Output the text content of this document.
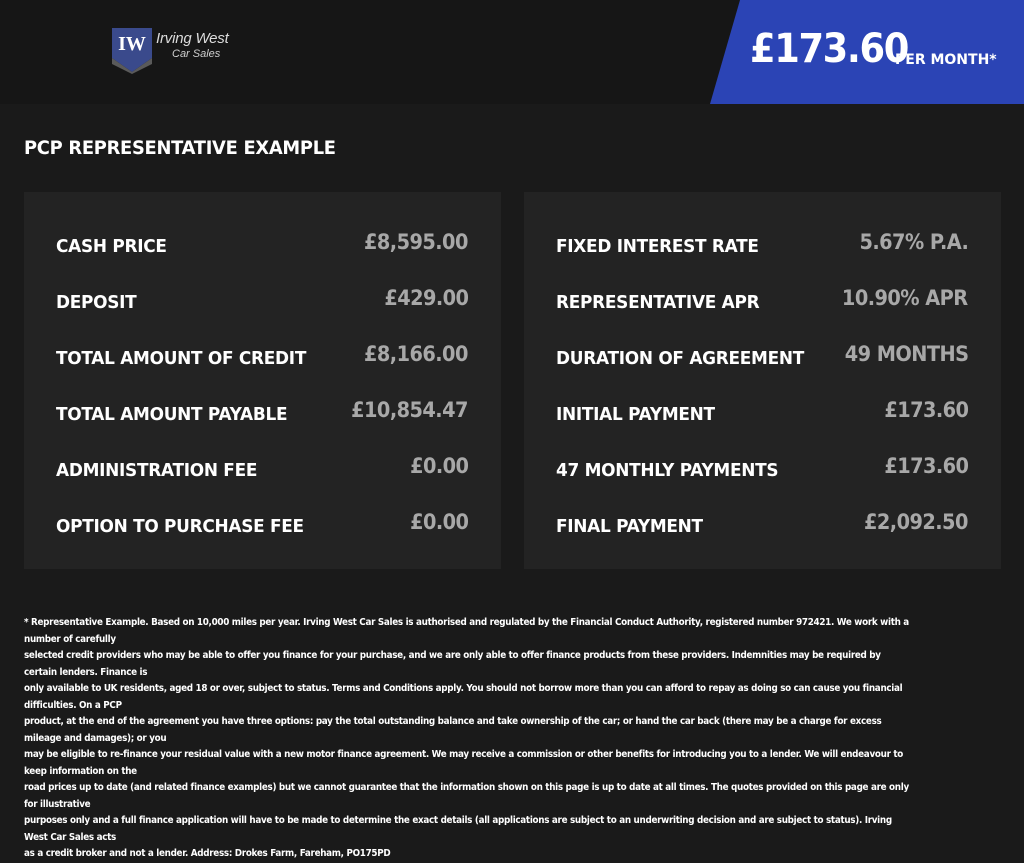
IW Irving West
Car Sales	£173.60
PER MONTH*
PCP REPRESENTATIVE EXAMPLE
CASH PRICE	£8,595.00
DEPOSIT	£429.00
TOTAL AMOUNT OF CREDIT	£8,166.00
TOTAL AMOUNT PAYABLE	£10,854.47
ADMINISTRATION FEE	£0.00
OPTION TO PURCHASE FEE	£0.00
FIXED INTEREST RATE	5.67% P.A.
REPRESENTATIVE APR	10.90% APR
DURATION OF AGREEMENT 49 MONTHS
INITIAL PAYMENT	£173.60
47 MONTHLY PAYMENTS	£173.60
FINAL PAYMENT	£2,092.50
* Representative Example. Based on 10,000 miles per year. Irving West Car Sales is authorised and regulated by the Financial Conduct Authority, registered number 972421. We work with a number of carefully
selected credit providers who may be able to offer you finance for your purchase, and we are only able to offer finance products from these providers. Indemnities may be required by certain lenders. Finance is
only available to UK residents, aged 18 or over, subject to status. Terms and Conditions apply. You should not borrow more than you can afford to repay as doing so can cause you financial difficulties. On a PCP
product, at the end of the agreement you have three options: pay the total outstanding balance and take ownership of the car; or hand the car back (there may be a charge for excess mileage and damages); or you
may be eligible to re-finance your residual value with a new motor finance agreement. We may receive a commission or other benefits for introducing you to a lender. We will endeavour to keep information on the
road prices up to date (and related finance examples) but we cannot guarantee that the information shown on this page is up to date at all times. The quotes provided on this page are only for illustrative
purposes only and a full finance application will have to be made to determine the exact details (all applications are subject to an underwriting decision and are subject to status). Irving West Car Sales acts
as a credit broker and not a lender. Address: Drokes Farm, Fareham, PO175PD
